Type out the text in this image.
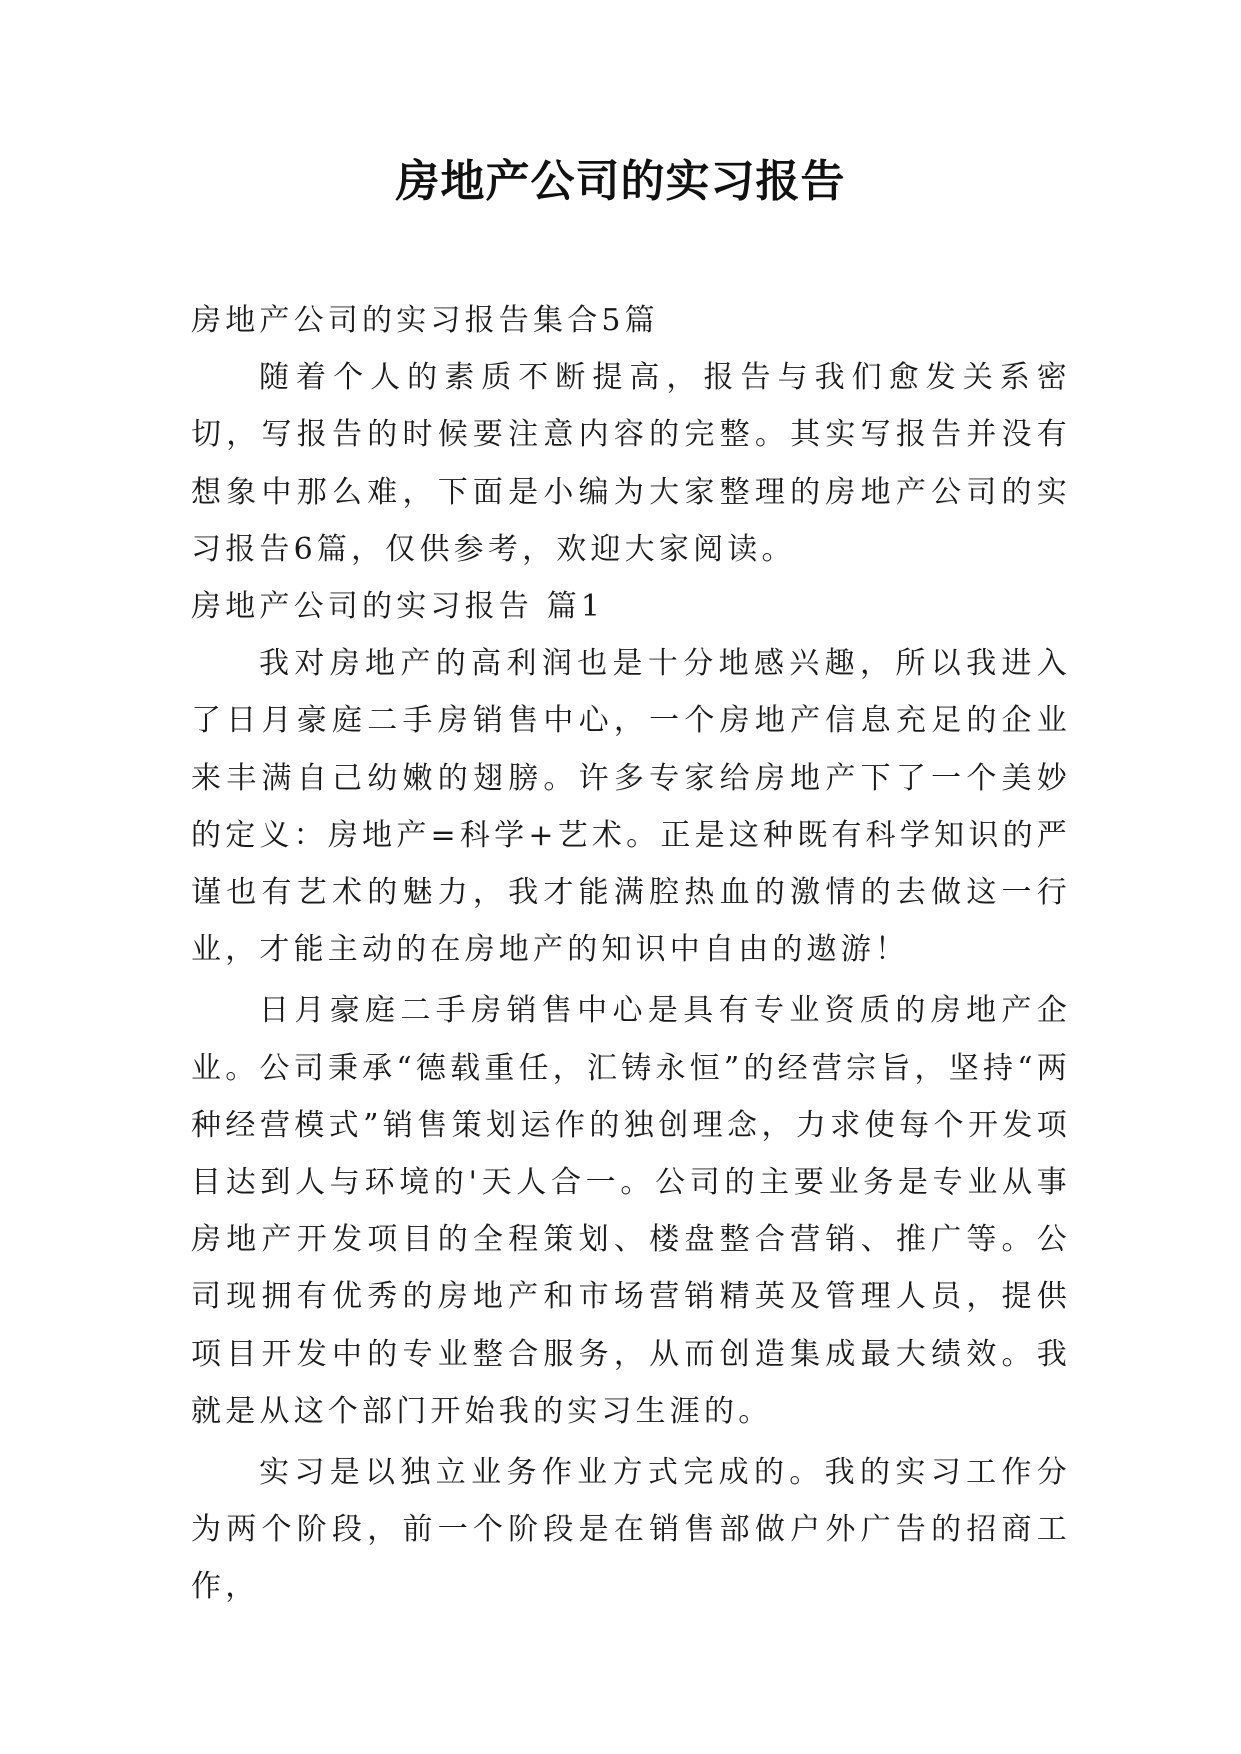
房地产公司的实习报告

房地产公司的实习报告集合5篇

随着个人的素质不断提高，报告与我们愈发关系密切，写报告的时候要注意内容的完整。其实写报告并没有想象中那么难，下面是小编为大家整理的房地产公司的实习报告6篇，仅供参考，欢迎大家阅读。

房地产公司的实习报告 篇1

我对房地产的高利润也是十分地感兴趣，所以我进入了日月豪庭二手房销售中心，一个房地产信息充足的企业来丰满自己幼嫩的翅膀。许多专家给房地产下了一个美妙的定义：房地产=科学+艺术。正是这种既有科学知识的严谨也有艺术的魅力，我才能满腔热血的激情的去做这一行业，才能主动的在房地产的知识中自由的遨游！

日月豪庭二手房销售中心是具有专业资质的房地产企业。公司秉承“德载重任，汇铸永恒”的经营宗旨，坚持“两种经营模式”销售策划运作的独创理念，力求使每个开发项目达到人与环境的'天人合一。公司的主要业务是专业从事房地产开发项目的全程策划、楼盘整合营销、推广等。公司现拥有优秀的房地产和市场营销精英及管理人员，提供项目开发中的专业整合服务，从而创造集成最大绩效。我就是从这个部门开始我的实习生涯的。

实习是以独立业务作业方式完成的。我的实习工作分为两个阶段，前一个阶段是在销售部做户外广告的招商工作，
